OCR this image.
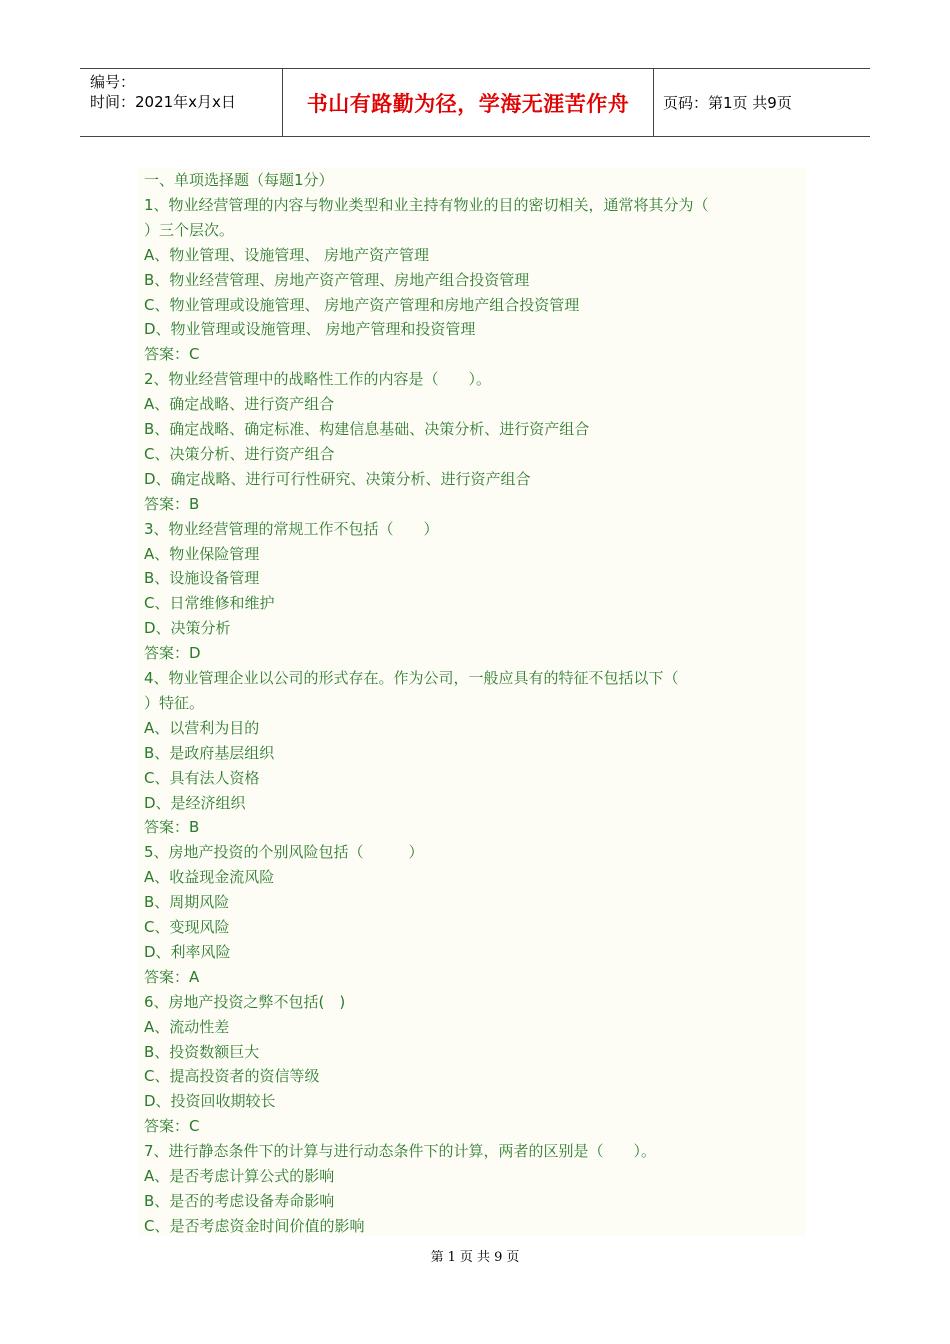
编号：
时间：2021年x月x日	书山有路勤为径，学海无涯苦作舟 页码：第1页 共9页
一、单项选择题（每题1分）
1、物业经营管理的内容与物业类型和业主持有物业的目的密切相关，通常将其分为（
）三个层次。
A、物业管理、设施管理、 房地产资产管理
B、物业经营管理、房地产资产管理、房地产组合投资管理
C、物业管理或设施管理、 房地产资产管理和房地产组合投资管理
D、物业管理或设施管理、 房地产管理和投资管理
答案：C
2、物业经营管理中的战略性工作的内容是（　　）。
A、确定战略、进行资产组合
B、确定战略、确定标准、构建信息基础、决策分析、进行资产组合
C、决策分析、进行资产组合
D、确定战略、进行可行性研究、决策分析、进行资产组合
答案：B
3、物业经营管理的常规工作不包括（　　）
A、物业保险管理
B、设施设备管理
C、日常维修和维护
D、决策分析
答案：D
4、物业管理企业以公司的形式存在。作为公司，一般应具有的特征不包括以下（
）特征。
A、以营利为目的
B、是政府基层组织
C、具有法人资格
D、是经济组织
答案：B
5、房地产投资的个别风险包括（　　　）
A、收益现金流风险
B、周期风险
C、变现风险
D、利率风险
答案：A
6、房地产投资之弊不包括(　)
A、流动性差
B、投资数额巨大
C、提高投资者的资信等级
D、投资回收期较长
答案：C
7、进行静态条件下的计算与进行动态条件下的计算，两者的区别是（　　）。
A、是否考虑计算公式的影响
B、是否的考虑设备寿命影响
C、是否考虑资金时间价值的影响
第 1 页 共 9 页
